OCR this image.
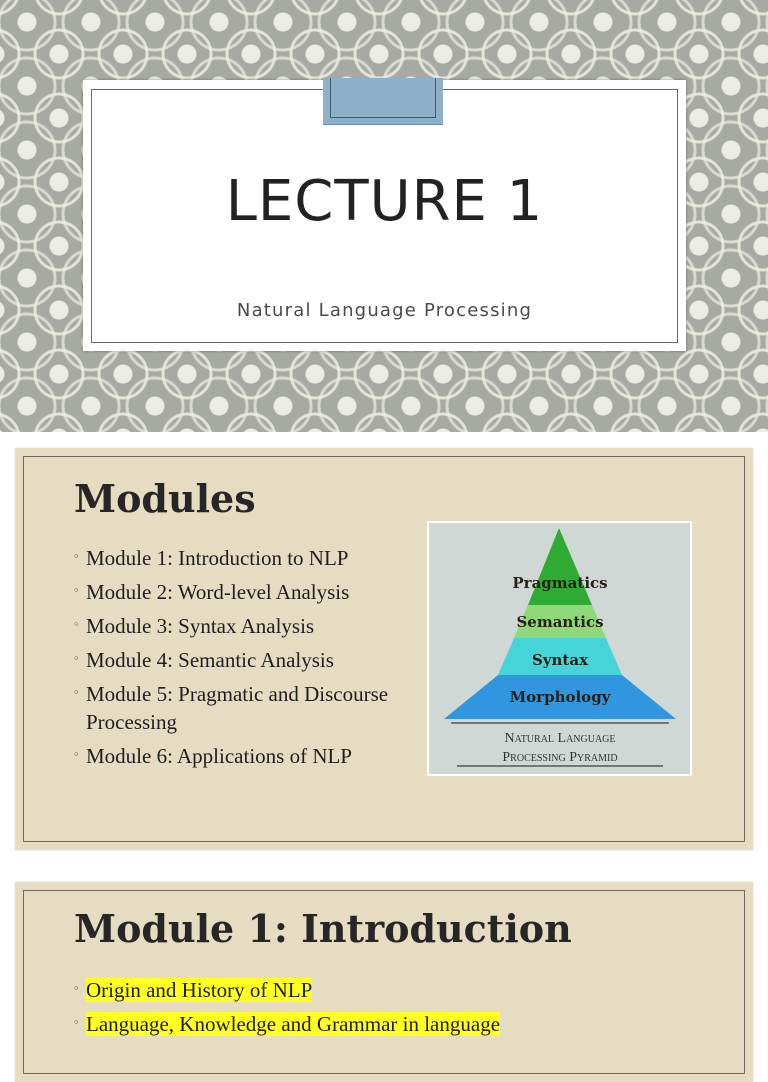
LECTURE 1
Natural Language Processing
Modules
◦ Module 1: Introduction to NLP
◦ Module 2: Word-level Analysis
◦ Module 3: Syntax Analysis
◦ Module 4: Semantic Analysis
◦ Module 5: Pragmatic and Discourse Processing
◦ Module 6: Applications of NLP
Pragmatics
Semantics
Syntax
Morphology
Natural Language
Processing Pyramid
Module 1: Introduction
◦ Origin and History of NLP
◦ Language, Knowledge and Grammar in language
